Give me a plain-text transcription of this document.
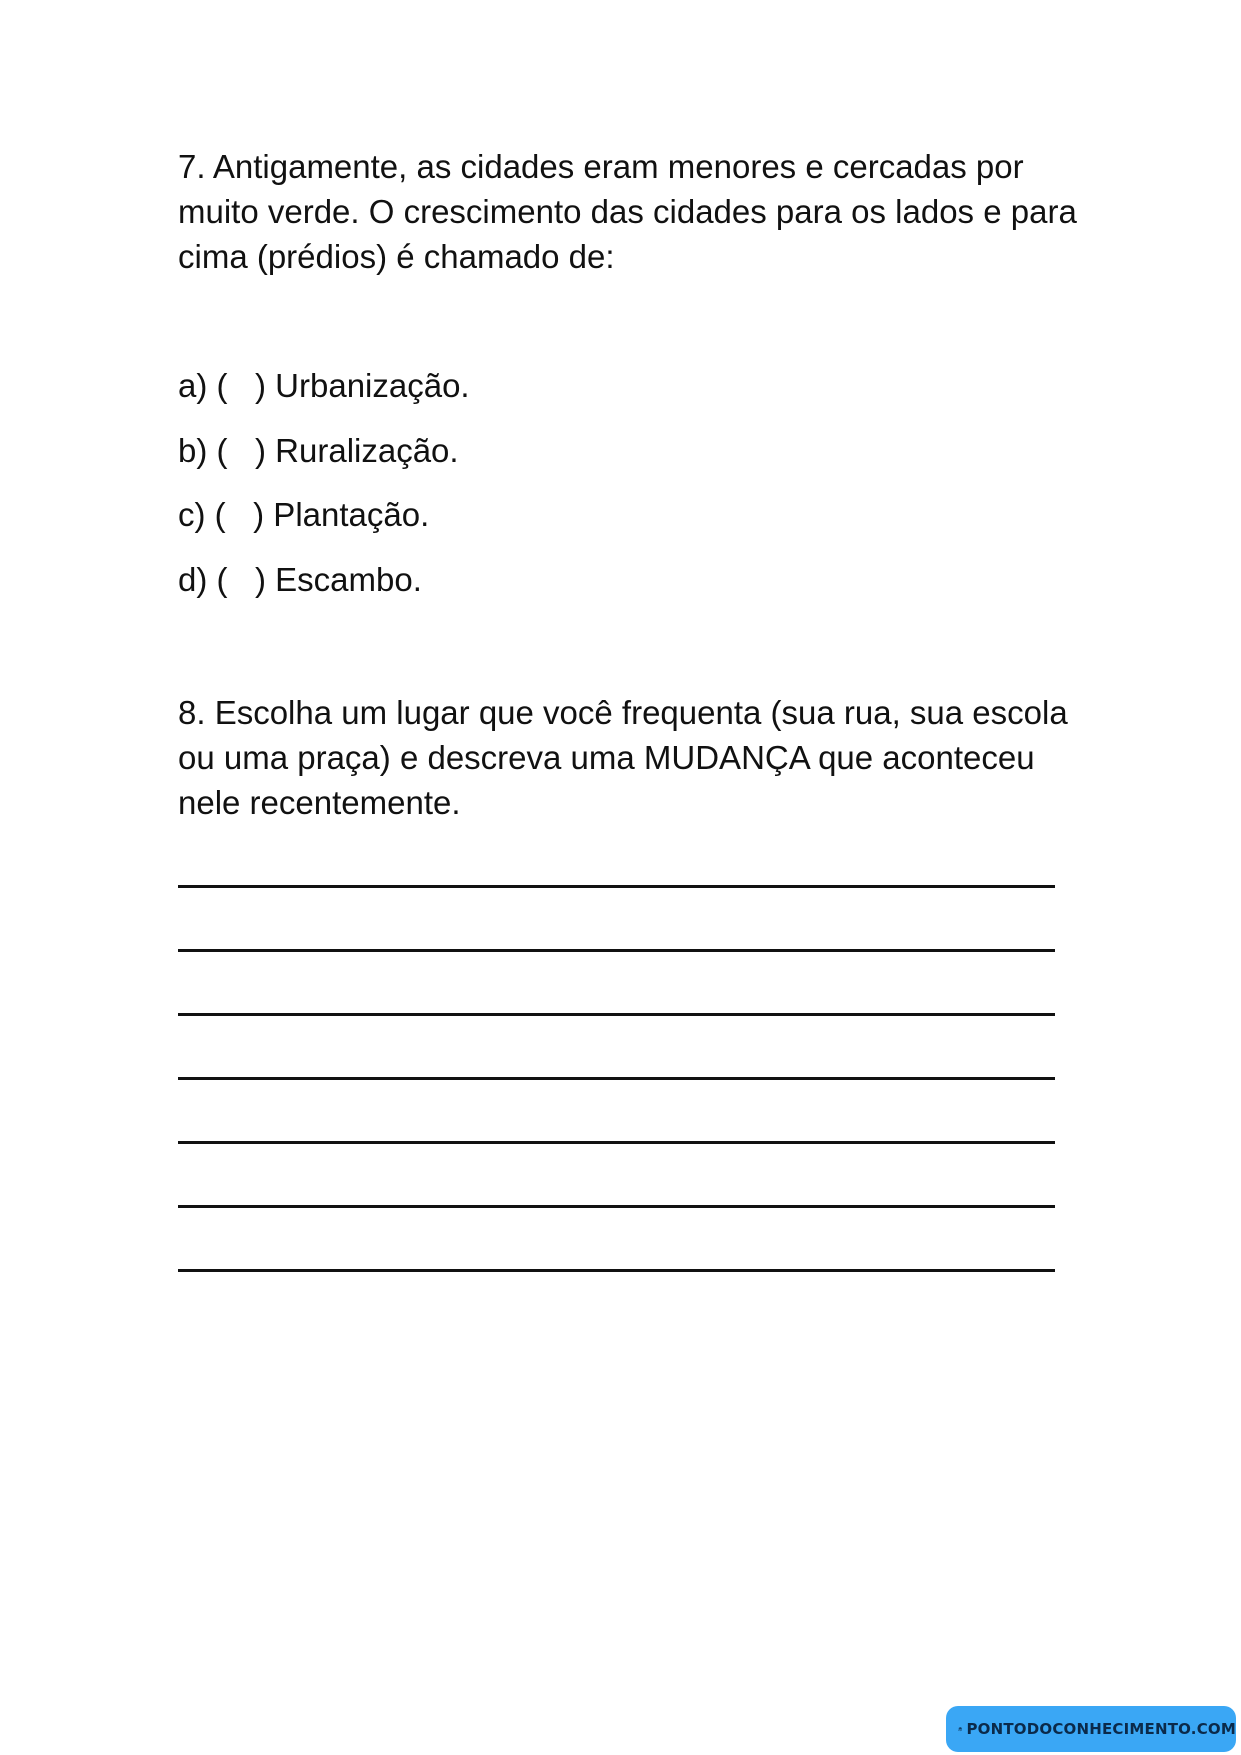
7. Antigamente, as cidades eram menores e cercadas por muito verde. O crescimento das cidades para os lados e para cima (prédios) é chamado de:

a) (   ) Urbanização.
b) (   ) Ruralização.
c) (   ) Plantação.
d) (   ) Escambo.

8. Escolha um lugar que você frequenta (sua rua, sua escola ou uma praça) e descreva uma MUDANÇA que aconteceu nele recentemente.

PONTODOCONHECIMENTO.COM
